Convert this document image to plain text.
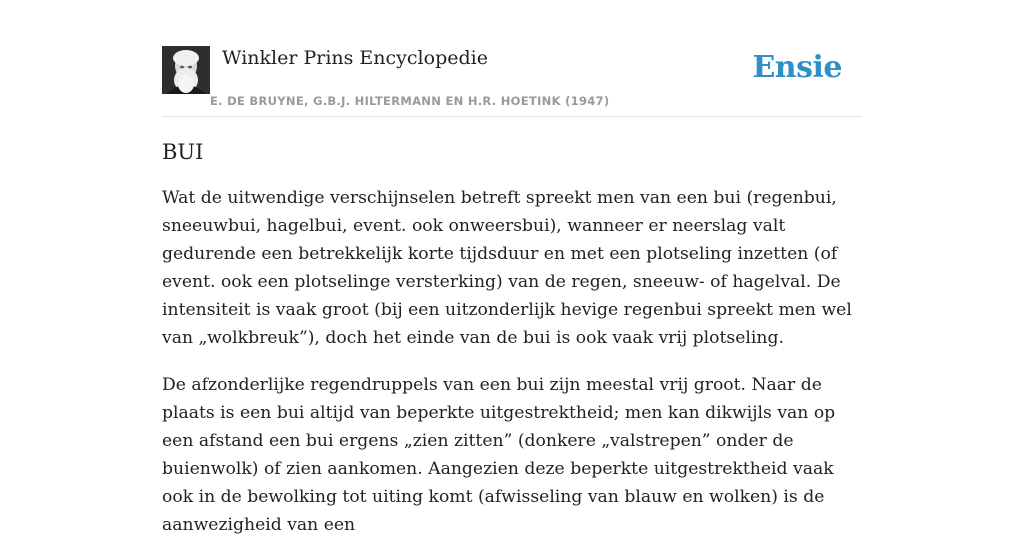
Winkler Prins Encyclopedie
E. DE BRUYNE, G.B.J. HILTERMANN EN H.R. HOETINK (1947)
Ensie
BUI

Wat de uitwendige verschijnselen betreft spreekt men van een bui (regenbui, sneeuwbui, hagelbui, event. ook onweersbui), wanneer er neerslag valt gedurende een betrekkelijk korte tijdsduur en met een plotseling inzetten (of event. ook een plotselinge versterking) van de regen, sneeuw- of hagelval. De intensiteit is vaak groot (bij een uitzonderlijk hevige regenbui spreekt men wel van „wolkbreuk”), doch het einde van de bui is ook vaak vrij plotseling.

De afzonderlijke regendruppels van een bui zijn meestal vrij groot. Naar de plaats is een bui altijd van beperkte uitgestrektheid; men kan dikwijls van op een afstand een bui ergens „zien zitten” (donkere „valstrepen” onder de buienwolk) of zien aankomen. Aangezien deze beperkte uitgestrektheid vaak ook in de bewolking tot uiting komt (afwisseling van blauw en wolken) is de aanwezigheid van een
